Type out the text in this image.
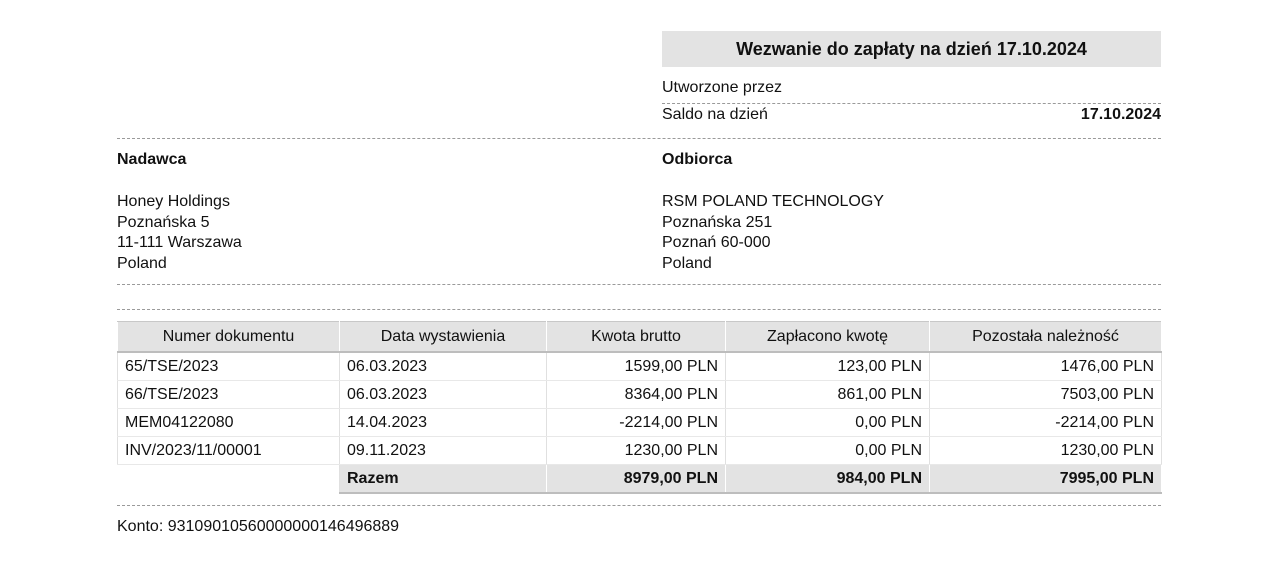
Wezwanie do zapłaty na dzień 17.10.2024
Utworzone przez
Saldo na dzień	17.10.2024
Nadawca
Honey Holdings
Poznańska 5
11-111 Warszawa
Poland
Odbiorca
RSM POLAND TECHNOLOGY
Poznańska 251
Poznań 60-000
Poland
Numer dokumentu	Data wystawienia	Kwota brutto	Zapłacono kwotę	Pozostała należność
65/TSE/2023	06.03.2023	1599,00 PLN	123,00 PLN	1476,00 PLN
66/TSE/2023	06.03.2023	8364,00 PLN	861,00 PLN	7503,00 PLN
MEM04122080	14.04.2023	-2214,00 PLN	0,00 PLN	-2214,00 PLN
INV/2023/11/00001	09.11.2023	1230,00 PLN	0,00 PLN	1230,00 PLN
	Razem	8979,00 PLN	984,00 PLN	7995,00 PLN
Konto: 93109010560000000146496889
